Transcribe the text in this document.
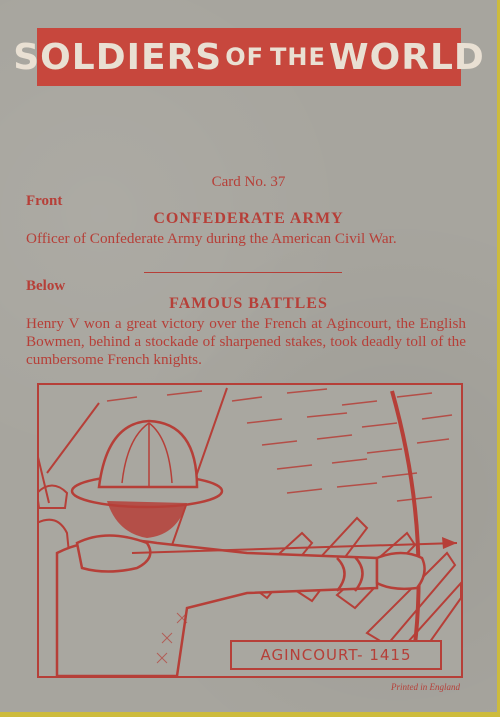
SOLDIERS OF THE WORLD
Card No. 37
Front
CONFEDERATE ARMY
Officer of Confederate Army during the American Civil War.
Below
FAMOUS BATTLES
Henry V won a great victory over the French at Agincourt, the English Bowmen, behind a stockade of sharpened stakes, took deadly toll of the cumbersome French knights.
AGINCOURT- 1415
Printed in England
